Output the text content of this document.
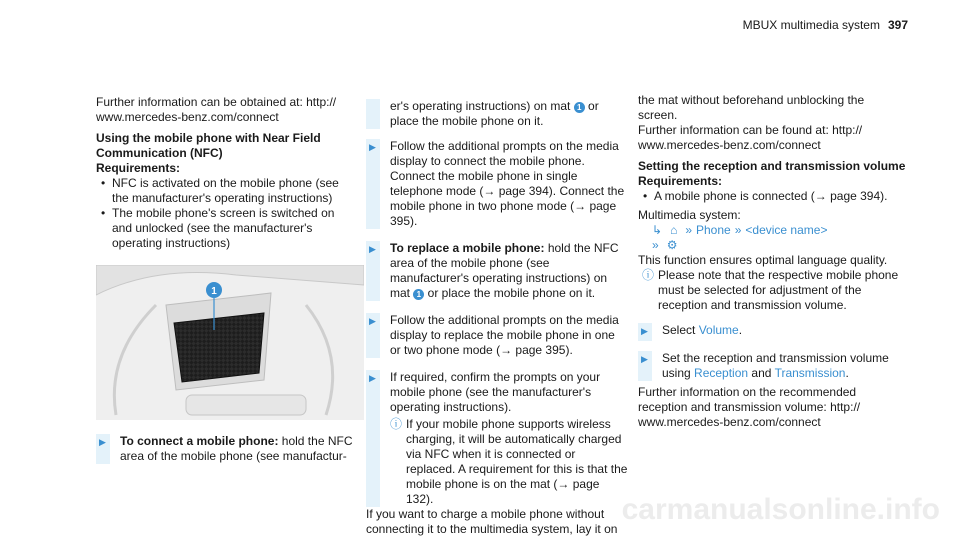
MBUX multimedia system 397

Further information can be obtained at: http:// www.mercedes-benz.com/connect

Using the mobile phone with Near Field Communication (NFC)

Requirements:

• NFC is activated on the mobile phone (see the manufacturer's operating instructions)
• The mobile phone's screen is switched on and unlocked (see the manufacturer's operating instructions)
1
▶
To connect a mobile phone: hold the NFC area of the mobile phone (see manufactur-
er's operating instructions) on mat 1 or place the mobile phone on it.
▶
Follow the additional prompts on the media display to connect the mobile phone. Connect the mobile phone in single telephone mode (→ page 394). Connect the mobile phone in two phone mode (→ page 395).
▶
To replace a mobile phone: hold the NFC area of the mobile phone (see manufacturer's operating instructions) on mat 1 or place the mobile phone on it.
▶
Follow the additional prompts on the media display to replace the mobile phone in one or two phone mode (→ page 395).
▶
If required, confirm the prompts on your mobile phone (see the manufacturer's operating instructions).
ⓘ If your mobile phone supports wireless charging, it will be automatically charged via NFC when it is connected or replaced. A requirement for this is that the mobile phone is on the mat (→ page 132).

If you want to charge a mobile phone without connecting it to the multimedia system, lay it on

the mat without beforehand unblocking the screen.

Further information can be found at: http:// www.mercedes-benz.com/connect

Setting the reception and transmission volume

Requirements:

• A mobile phone is connected (→ page 394).

Multimedia system:

↳ ⌂ » Phone » <device name>
» ⚙

This function ensures optimal language quality.

ⓘ Please note that the respective mobile phone must be selected for adjustment of the reception and transmission volume.
▶
Select Volume.
▶
Set the reception and transmission volume using Reception and Transmission.

Further information on the recommended reception and transmission volume: http:// www.mercedes-benz.com/connect

carmanualsonline.info
